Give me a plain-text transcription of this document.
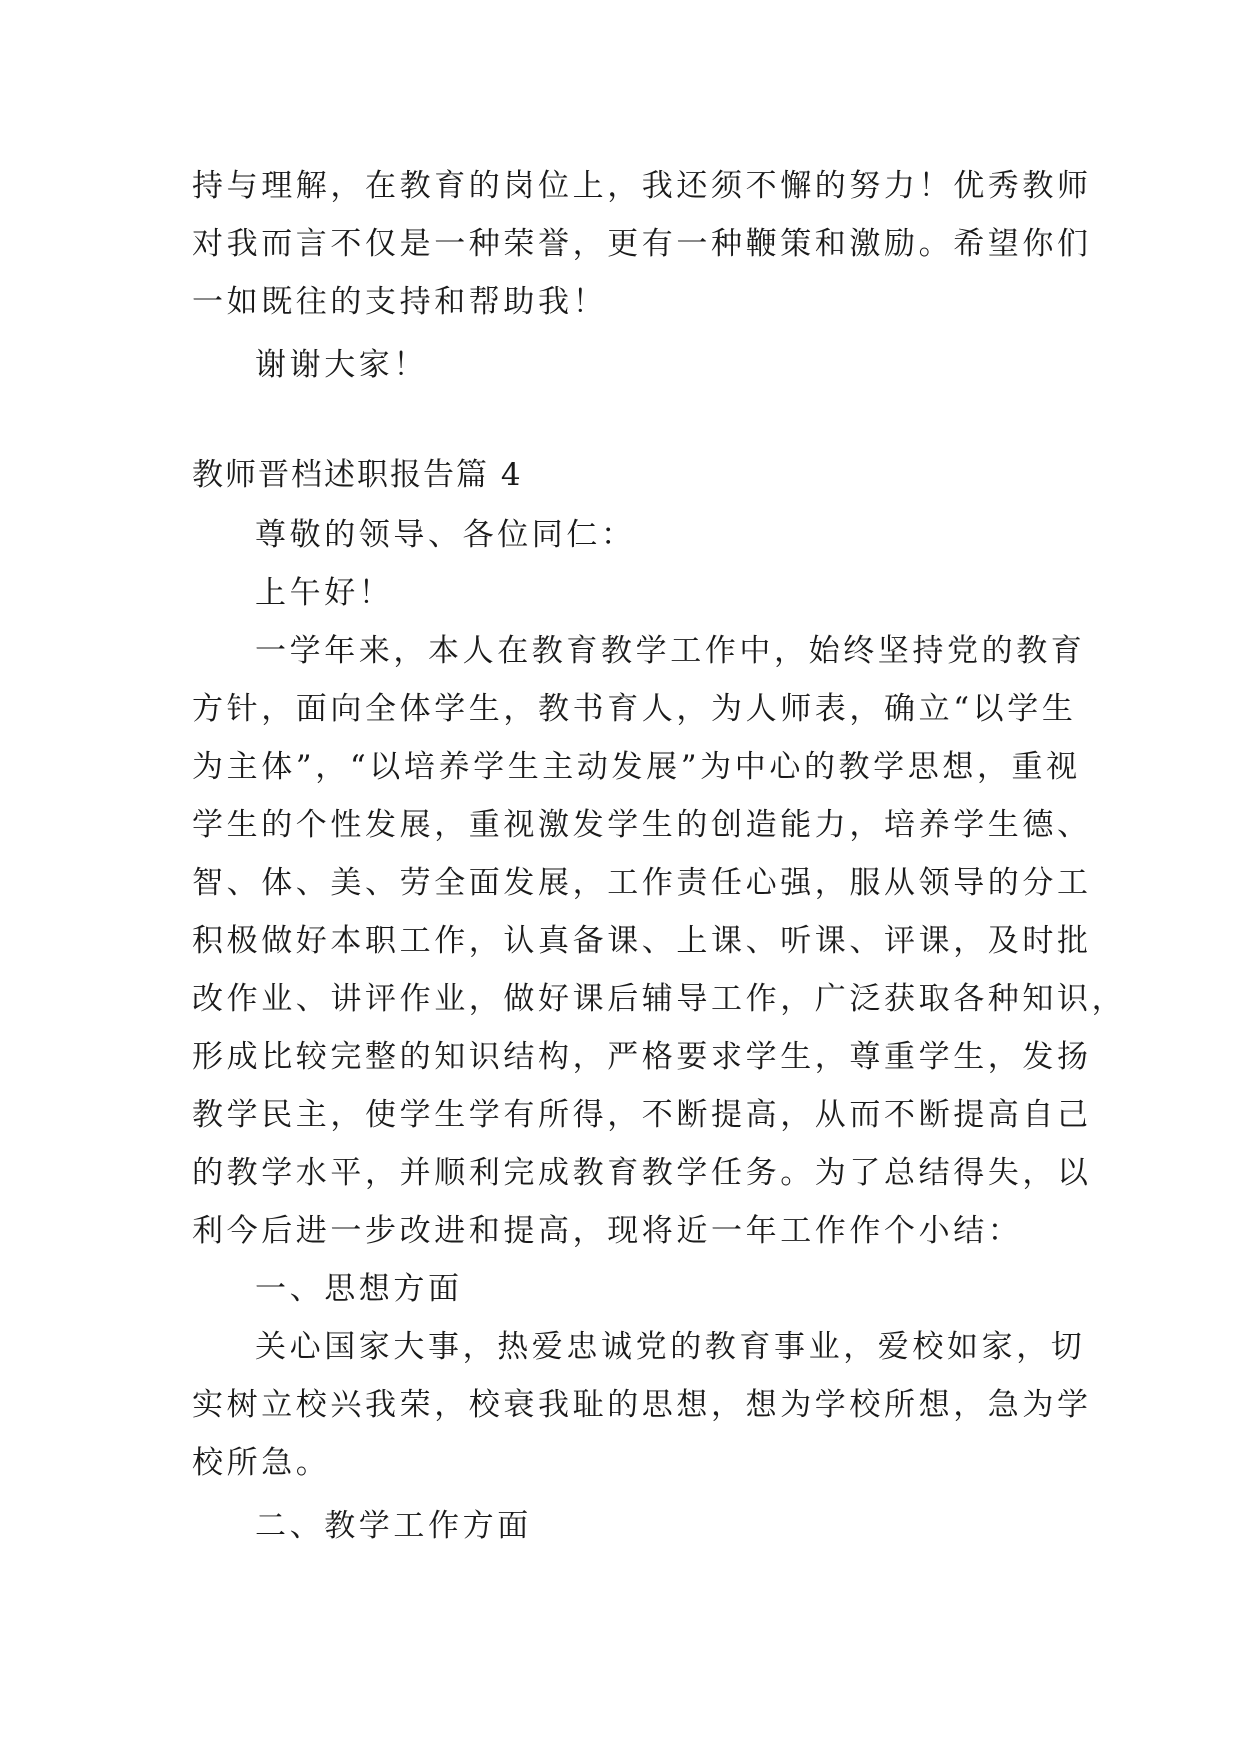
持与理解，在教育的岗位上，我还须不懈的努力！优秀教师

对我而言不仅是一种荣誉，更有一种鞭策和激励。希望你们

一如既往的支持和帮助我！

谢谢大家！

教师晋档述职报告篇 4

尊敬的领导、各位同仁：

上午好！

一学年来，本人在教育教学工作中，始终坚持党的教育

方针，面向全体学生，教书育人，为人师表，确立“以学生

为主体”，“以培养学生主动发展”为中心的教学思想，重视

学生的个性发展，重视激发学生的创造能力，培养学生德、

智、体、美、劳全面发展，工作责任心强，服从领导的分工

积极做好本职工作，认真备课、上课、听课、评课，及时批

改作业、讲评作业，做好课后辅导工作，广泛获取各种知识，

形成比较完整的知识结构，严格要求学生，尊重学生，发扬

教学民主，使学生学有所得，不断提高，从而不断提高自己

的教学水平，并顺利完成教育教学任务。为了总结得失，以

利今后进一步改进和提高，现将近一年工作作个小结：

一、思想方面

关心国家大事，热爱忠诚党的教育事业，爱校如家，切

实树立校兴我荣，校衰我耻的思想，想为学校所想，急为学

校所急。

二、教学工作方面
